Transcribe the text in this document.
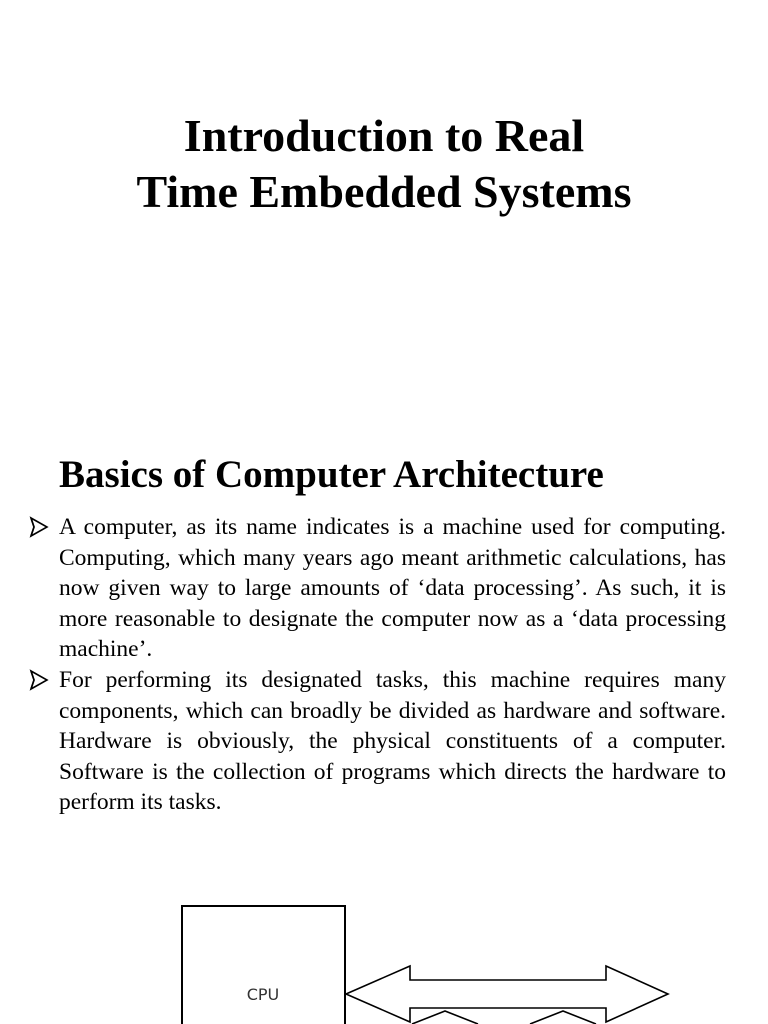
Introduction to Real
Time Embedded Systems
Basics of Computer Architecture
A computer, as its name indicates is a machine used for computing. Computing, which many years ago meant arithmetic calculations, has now given way to large amounts of ‘data processing’. As such, it is more reasonable to designate the computer now as a ‘data processing machine’.
For performing its designated tasks, this machine requires many components, which can broadly be divided as hardware and software. Hardware is obviously, the physical constituents of a computer. Software is the collection of programs which directs the hardware to perform its tasks.
CPU
